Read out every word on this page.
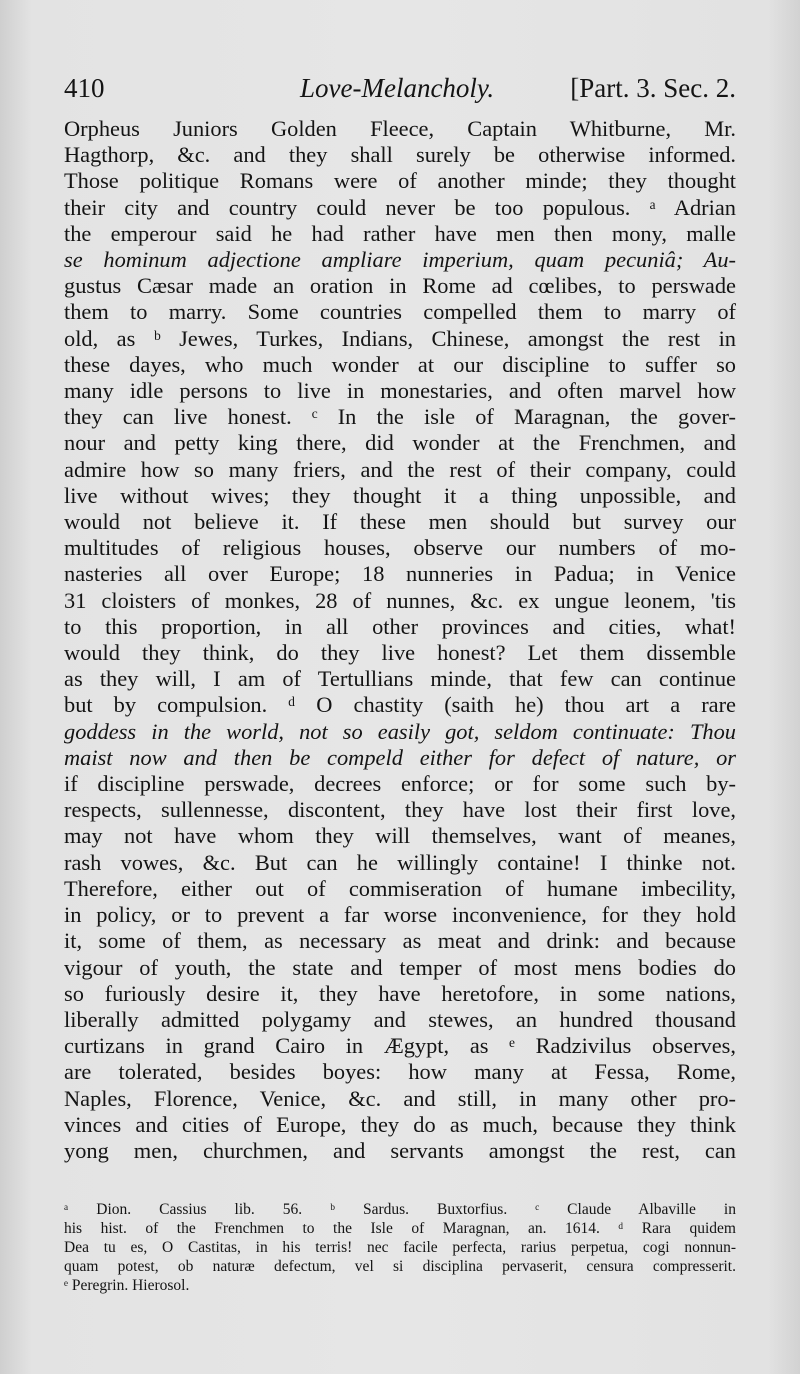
410	Love-Melancholy.	[Part. 3. Sec. 2.
Orpheus Juniors Golden Fleece, Captain Whitburne, Mr.
Hagthorp, &c. and they shall surely be otherwise informed.
Those politique Romans were of another minde; they thought
their city and country could never be too populous. ᵃ Adrian
the emperour said he had rather have men then mony, malle
se hominum adjectione ampliare imperium, quam pecuniâ; Au-
gustus Cæsar made an oration in Rome ad cœlibes, to perswade
them to marry. Some countries compelled them to marry of
old, as ᵇ Jewes, Turkes, Indians, Chinese, amongst the rest in
these dayes, who much wonder at our discipline to suffer so
many idle persons to live in monestaries, and often marvel how
they can live honest. ᶜ In the isle of Maragnan, the gover-
nour and petty king there, did wonder at the Frenchmen, and
admire how so many friers, and the rest of their company, could
live without wives; they thought it a thing unpossible, and
would not believe it. If these men should but survey our
multitudes of religious houses, observe our numbers of mo-
nasteries all over Europe; 18 nunneries in Padua; in Venice
31 cloisters of monkes, 28 of nunnes, &c. ex ungue leonem, 'tis
to this proportion, in all other provinces and cities, what!
would they think, do they live honest? Let them dissemble
as they will, I am of Tertullians minde, that few can continue
but by compulsion. ᵈ O chastity (saith he) thou art a rare
goddess in the world, not so easily got, seldom continuate: Thou
maist now and then be compeld either for defect of nature, or
if discipline perswade, decrees enforce; or for some such by-
respects, sullennesse, discontent, they have lost their first love,
may not have whom they will themselves, want of meanes,
rash vowes, &c. But can he willingly containe! I thinke not.
Therefore, either out of commiseration of humane imbecility,
in policy, or to prevent a far worse inconvenience, for they hold
it, some of them, as necessary as meat and drink: and because
vigour of youth, the state and temper of most mens bodies do
so furiously desire it, they have heretofore, in some nations,
liberally admitted polygamy and stewes, an hundred thousand
curtizans in grand Cairo in Ægypt, as ᵉ Radzivilus observes,
are tolerated, besides boyes: how many at Fessa, Rome,
Naples, Florence, Venice, &c. and still, in many other pro-
vinces and cities of Europe, they do as much, because they think
yong men, churchmen, and servants amongst the rest, can
ᵃ Dion. Cassius lib. 56. ᵇ Sardus. Buxtorfius. ᶜ Claude Albaville in
his hist. of the Frenchmen to the Isle of Maragnan, an. 1614. ᵈ Rara quidem
Dea tu es, O Castitas, in his terris! nec facile perfecta, rarius perpetua, cogi nonnun-
quam potest, ob naturæ defectum, vel si disciplina pervaserit, censura compresserit.
ᵉ Peregrin. Hierosol.
